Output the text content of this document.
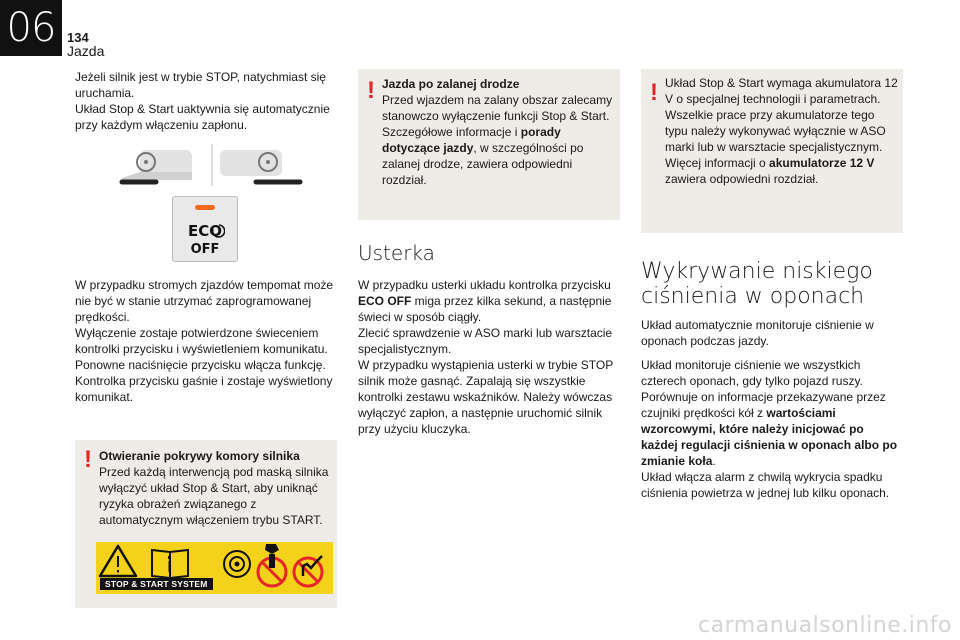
06 134
Jazda

Jeżeli silnik jest w trybie STOP, natychmiast się uruchamia.

Układ Stop & Start uaktywnia się automatycznie przy każdym włączeniu zapłonu.

ECO
OFF

W przypadku stromych zjazdów tempomat może nie być w stanie utrzymać zaprogramowanej prędkości.

Wyłączenie zostaje potwierdzone świeceniem kontrolki przycisku i wyświetleniem komunikatu.

Ponowne naciśnięcie przycisku włącza funkcję. Kontrolka przycisku gaśnie i zostaje wyświetlony komunikat.

! Otwieranie pokrywy komory silnika

Przed każdą interwencją pod maską silnika wyłączyć układ Stop & Start, aby uniknąć ryzyka obrażeń związanego z automatycznym włączeniem trybu START.

STOP & START SYSTEM
! Jazda po zalanej drodze

Przed wjazdem na zalany obszar zalecamy stanowczo wyłączenie funkcji Stop & Start. Szczegółowe informacje i porady dotyczące jazdy, w szczególności po zalanej drodze, zawiera odpowiedni rozdział.

Usterka

W przypadku usterki układu kontrolka przycisku ECO OFF miga przez kilka sekund, a następnie świeci w sposób ciągły.

Zlecić sprawdzenie w ASO marki lub warsztacie specjalistycznym.

W przypadku wystąpienia usterki w trybie STOP silnik może gasnąć. Zapalają się wszystkie kontrolki zestawu wskaźników. Należy wówczas wyłączyć zapłon, a następnie uruchomić silnik przy użyciu kluczyka.

! Układ Stop & Start wymaga akumulatora 12 V o specjalnej technologii i parametrach. Wszelkie prace przy akumulatorze tego typu należy wykonywać wyłącznie w ASO marki lub w warsztacie specjalistycznym.

Więcej informacji o akumulatorze 12 V zawiera odpowiedni rozdział.

Wykrywanie niskiego ciśnienia w oponach

Układ automatycznie monitoruje ciśnienie w oponach podczas jazdy.

Układ monitoruje ciśnienie we wszystkich czterech oponach, gdy tylko pojazd ruszy.

Porównuje on informacje przekazywane przez czujniki prędkości kół z wartościami wzorcowymi, które należy inicjować po każdej regulacji ciśnienia w oponach albo po zmianie koła.

Układ włącza alarm z chwilą wykrycia spadku ciśnienia powietrza w jednej lub kilku oponach.

carmanualsonline.info
